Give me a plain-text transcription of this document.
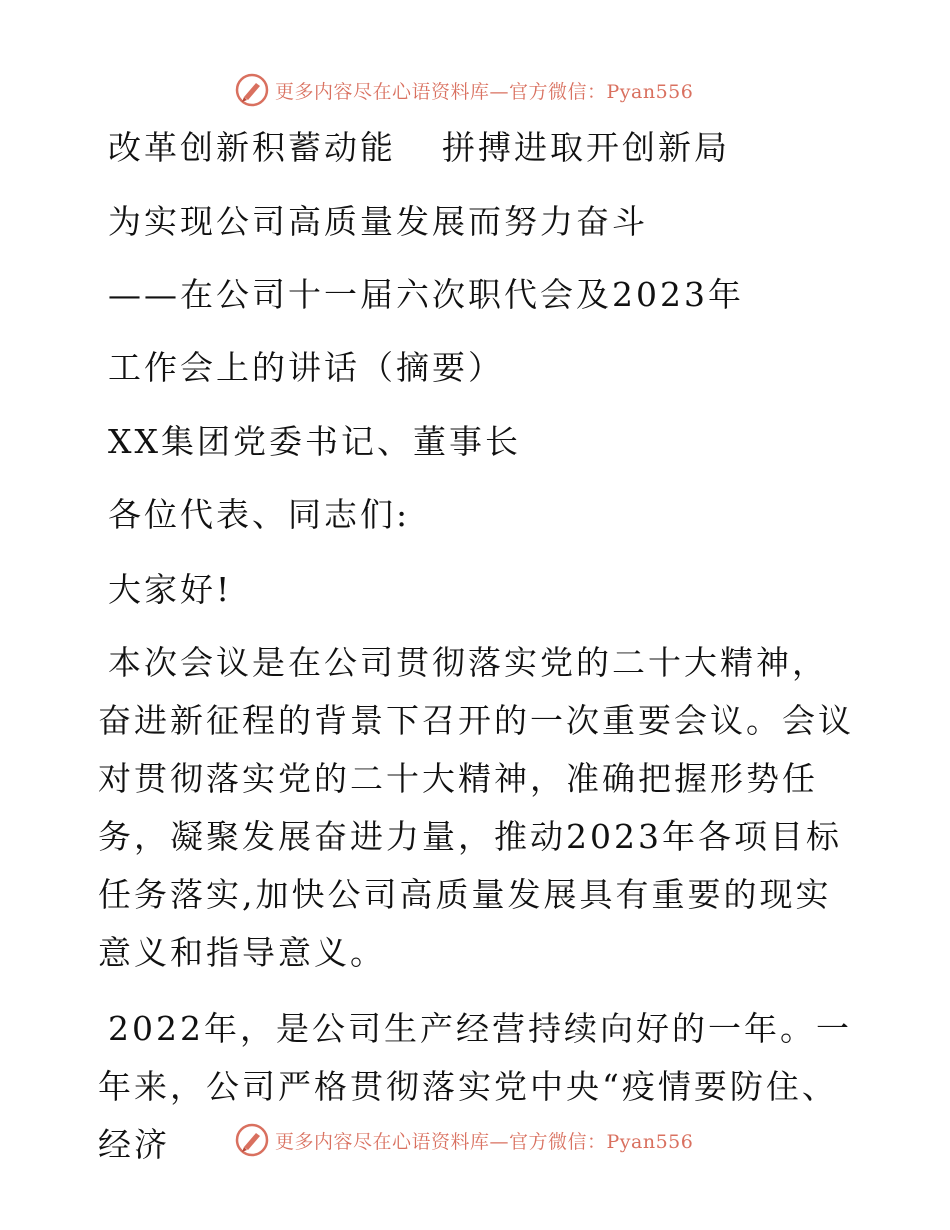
更多内容尽在心语资料库—官方微信：Pyan556
改革创新积蓄动能 拼搏进取开创新局
为实现公司高质量发展而努力奋斗
——在公司十一届六次职代会及2023年
工作会上的讲话（摘要）
XX集团党委书记、董事长
各位代表、同志们:
大家好!

本次会议是在公司贯彻落实党的二十大精神，奋进新征程的背景下召开的一次重要会议。会议对贯彻落实党的二十大精神，准确把握形势任务，凝聚发展奋进力量，推动2023年各项目标任务落实,加快公司高质量发展具有重要的现实意义和指导意义。

2022年，是公司生产经营持续向好的一年。一年来，公司严格贯彻落实党中央“疫情要防住、经济	更多内容尽在心语资料库—官方微信：Pyan556
